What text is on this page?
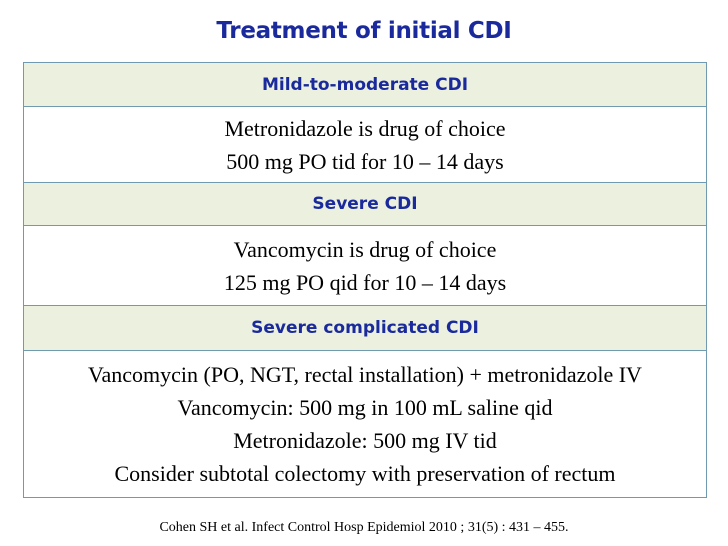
Treatment of initial CDI
Mild-to-moderate CDI
Metronidazole is drug of choice
500 mg PO tid for 10 – 14 days
Severe CDI
Vancomycin is drug of choice
125 mg PO qid for 10 – 14 days
Severe complicated CDI
Vancomycin (PO, NGT, rectal installation) + metronidazole IV
Vancomycin: 500 mg in 100 mL saline qid
Metronidazole: 500 mg IV tid
Consider subtotal colectomy with preservation of rectum
Cohen SH et al. Infect Control Hosp Epidemiol 2010 ; 31(5) : 431 – 455.
